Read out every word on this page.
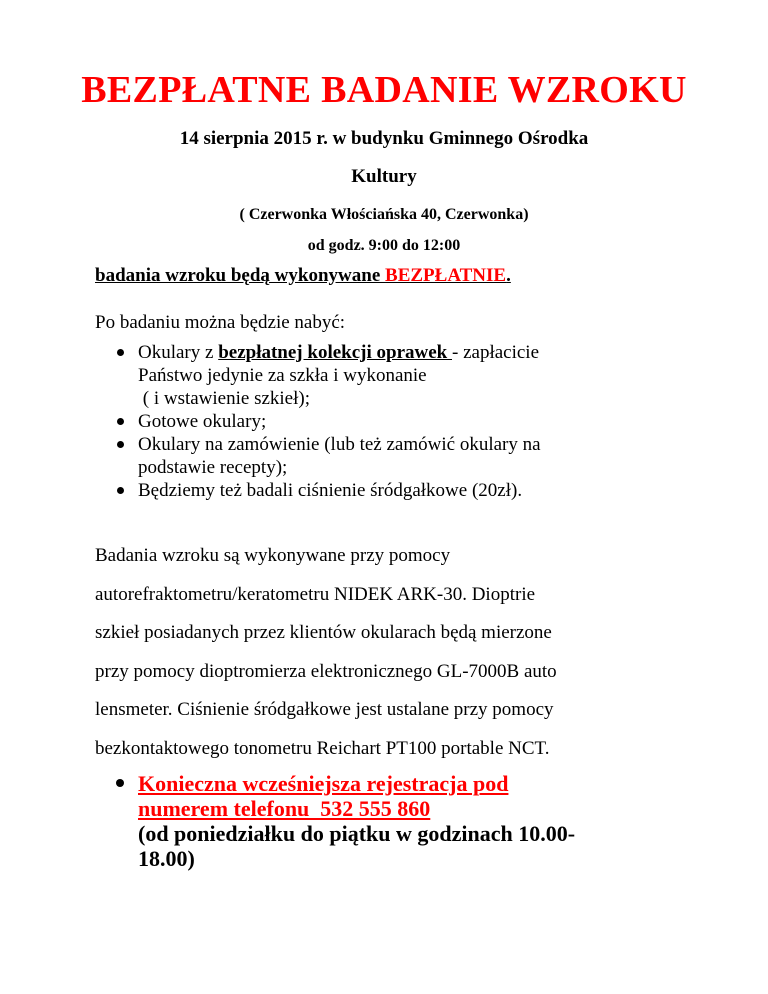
BEZPŁATNE BADANIE WZROKU
14 sierpnia 2015 r. w budynku Gminnego Ośrodka
Kultury
( Czerwonka Włościańska 40, Czerwonka)
od godz. 9:00 do 12:00
badania wzroku będą wykonywane BEZPŁATNIE.
Po badaniu można będzie nabyć:
Okulary z bezpłatnej kolekcji oprawek - zapłacicie
Państwo jedynie za szkła i wykonanie
( i wstawienie szkieł);
Gotowe okulary;
Okulary na zamówienie (lub też zamówić okulary na
podstawie recepty);
Będziemy też badali ciśnienie śródgałkowe (20zł).

Badania wzroku są wykonywane przy pomocy

autorefraktometru/keratometru NIDEK ARK-30. Dioptrie

szkieł posiadanych przez klientów okularach będą mierzone

przy pomocy dioptromierza elektronicznego GL-7000B auto

lensmeter. Ciśnienie śródgałkowe jest ustalane przy pomocy

bezkontaktowego tonometru Reichart PT100 portable NCT.

Konieczna wcześniejsza rejestracja pod
numerem telefonu  532 555 860
(od poniedziałku do piątku w godzinach 10.00-
18.00)
